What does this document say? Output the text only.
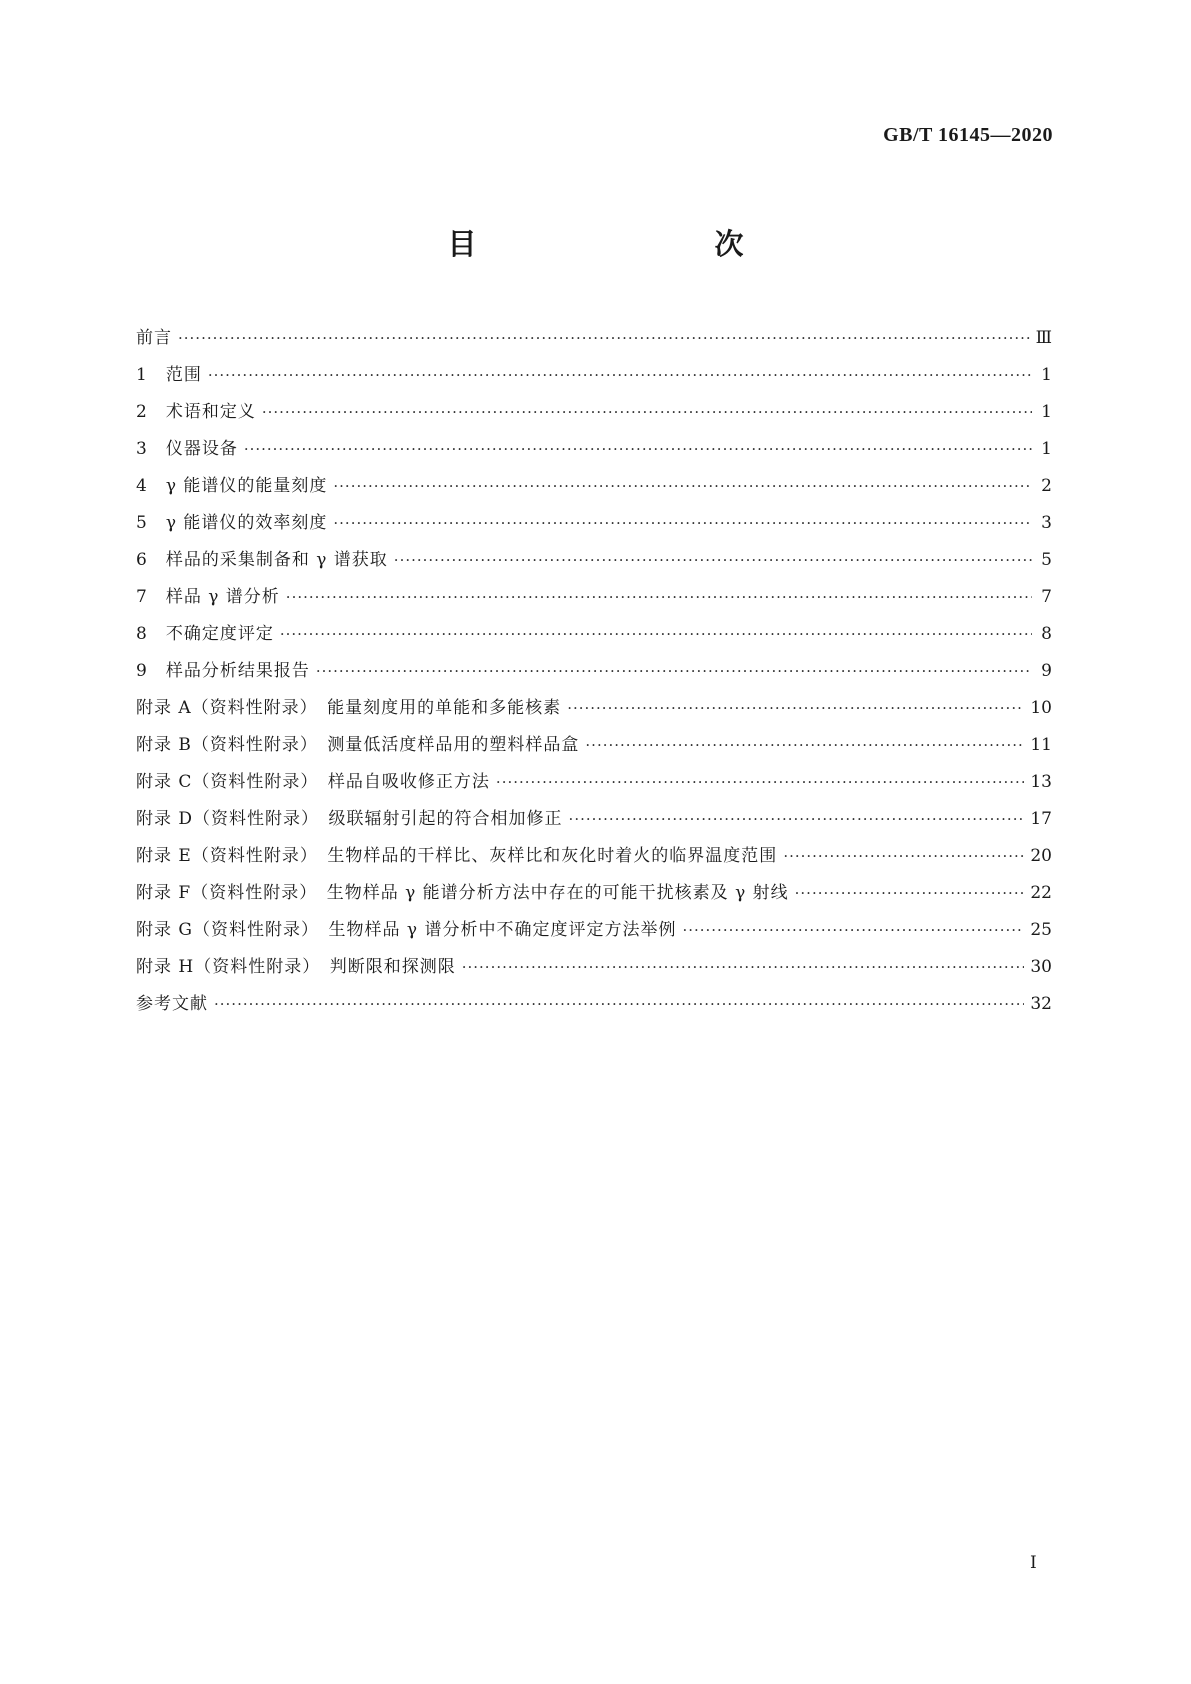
GB/T 16145—2020
目　　次
前言 ·····	Ⅲ
1　范围 ·····	1
2　术语和定义 ·····	1
3　仪器设备 ·····	1
4　γ 能谱仪的能量刻度 ·····	2
5　γ 能谱仪的效率刻度 ·····	3
6　样品的采集制备和 γ 谱获取 ·····	5
7　样品 γ 谱分析 ·····	7
8　不确定度评定 ·····	8
9　样品分析结果报告 ·····	9
附录 A（资料性附录）　能量刻度用的单能和多能核素 ·····	10
附录 B（资料性附录）　测量低活度样品用的塑料样品盒 ·····	11
附录 C（资料性附录）　样品自吸收修正方法 ·····	13
附录 D（资料性附录）　级联辐射引起的符合相加修正 ·····	17
附录 E（资料性附录）　生物样品的干样比、灰样比和灰化时着火的临界温度范围 ·····	20
附录 F（资料性附录）　生物样品 γ 能谱分析方法中存在的可能干扰核素及 γ 射线 ·····	22
附录 G（资料性附录）　生物样品 γ 谱分析中不确定度评定方法举例 ·····	25
附录 H（资料性附录）　判断限和探测限 ·····	30
参考文献 ·····	32
Ⅰ
